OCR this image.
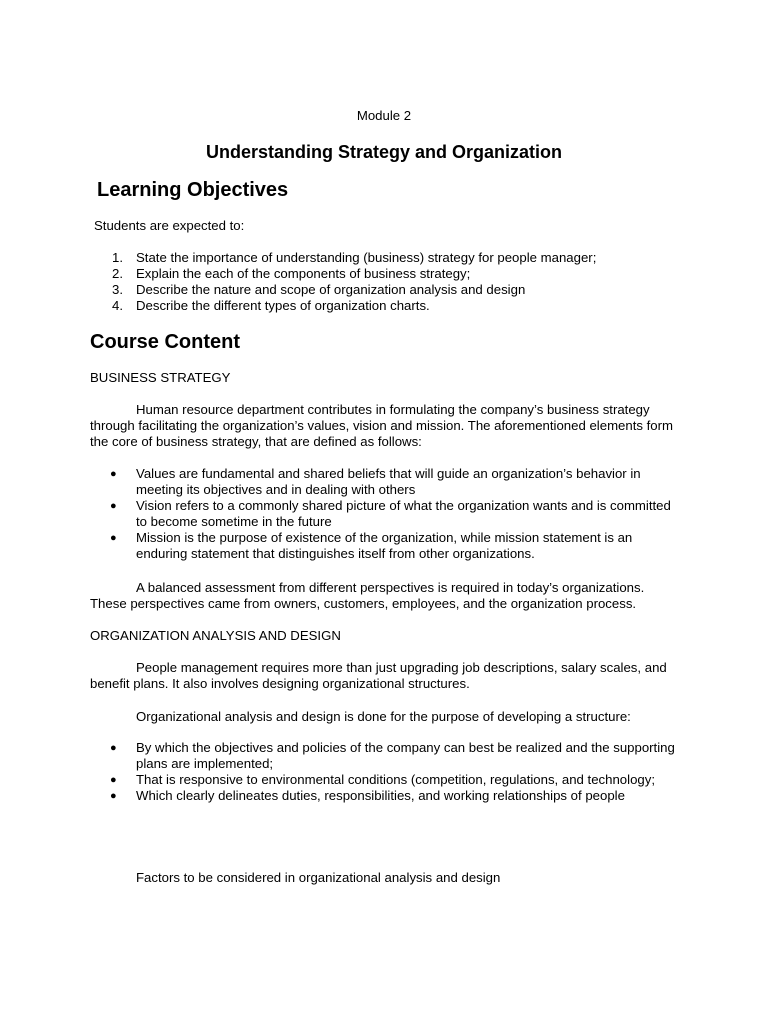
Module 2

Understanding Strategy and Organization
Learning Objectives

Students are expected to:

1. State the importance of understanding (business) strategy for people manager;
2. Explain the each of the components of business strategy;
3. Describe the nature and scope of organization analysis and design
4. Describe the different types of organization charts.
Course Content

BUSINESS STRATEGY

Human resource department contributes in formulating the company’s business strategy through facilitating the organization’s values, vision and mission. The aforementioned elements form the core of business strategy, that are defined as follows:

●	Values are fundamental and shared beliefs that will guide an organization’s behavior in meeting its objectives and in dealing with others
●	Vision refers to a commonly shared picture of what the organization wants and is committed to become sometime in the future
●	Mission is the purpose of existence of the organization, while mission statement is an enduring statement that distinguishes itself from other organizations.

A balanced assessment from different perspectives is required in today’s organizations. These perspectives came from owners, customers, employees, and the organization process.

ORGANIZATION ANALYSIS AND DESIGN

People management requires more than just upgrading job descriptions, salary scales, and benefit plans. It also involves designing organizational structures.

Organizational analysis and design is done for the purpose of developing a structure:

●	By which the objectives and policies of the company can best be realized and the supporting plans are implemented;
●	That is responsive to environmental conditions (competition, regulations, and technology;
●	Which clearly delineates duties, responsibilities, and working relationships of people

Factors to be considered in organizational analysis and design
